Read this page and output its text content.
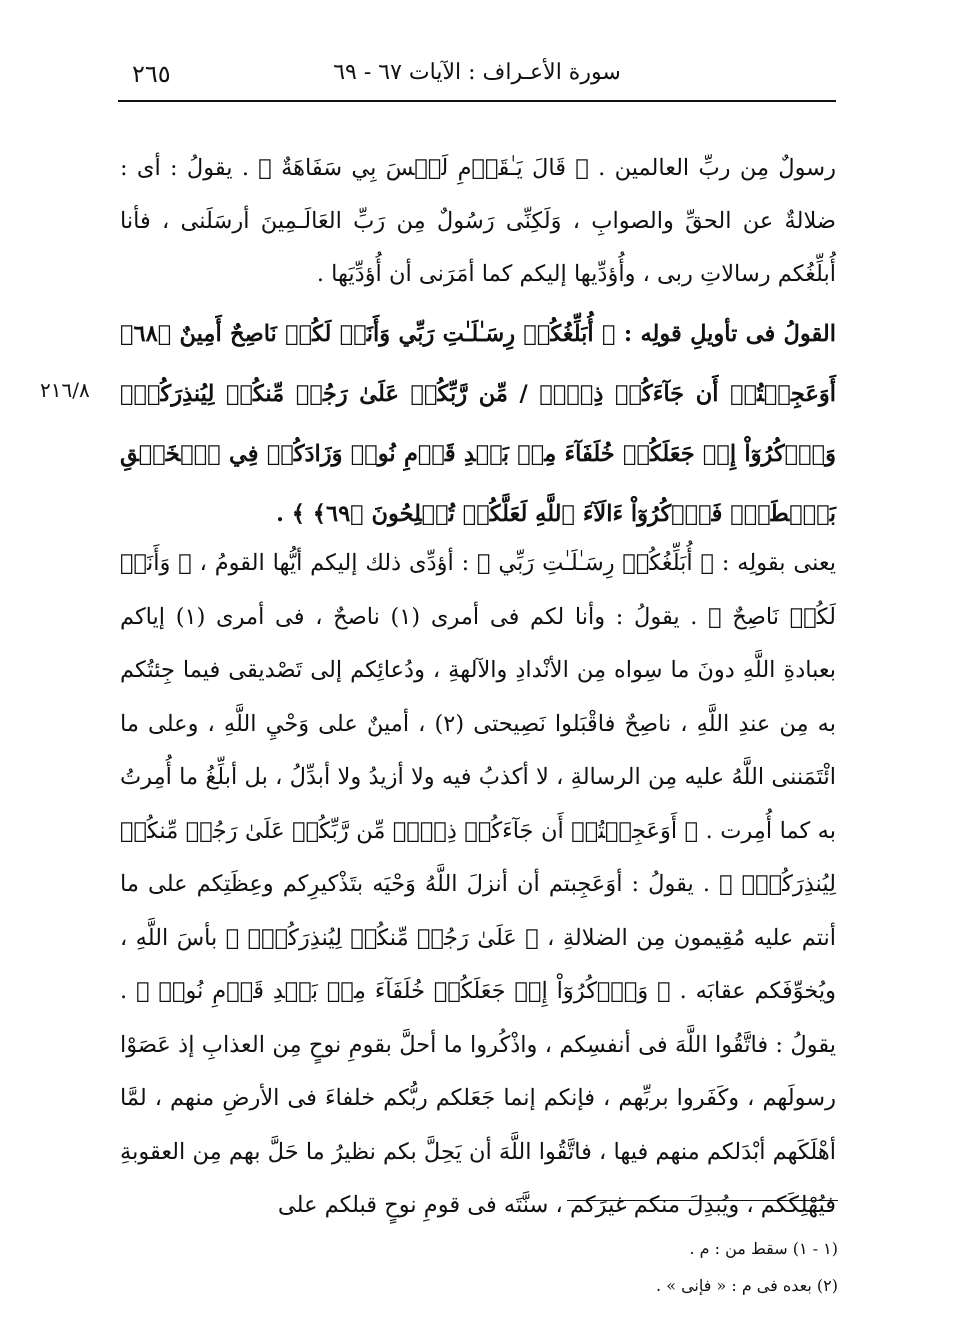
٢٦٥	سورة الأعـراف : الآيات ٦٧ - ٦٩
٢١٦/٨

رسولٌ مِن ربِّ العالمين . ﴿ قَالَ يَـٰقَوۡمِ لَيۡسَ بِي سَفَاهَةٌ ﴾ . يقولُ : أى : ضلالةٌ عن الحقِّ والصوابِ ، وَلَكِنِّى رَسُولٌ مِن رَبِّ العَالَـمِينَ أرسَلَنى ، فأنا أُبلِّغُكم رسالاتِ ربى ، وأُؤدِّيها إليكم كما أمَرَنى أن أُؤدِّيَها .

القولُ فى تأويلِ قولِه : ﴿ أُبَلِّغُكُمۡ رِسَـٰلَـٰتِ رَبِّي وَأَنَا۠ لَكُمۡ نَاصِحٌ أَمِينٌ ﴿٦٨﴾ أَوَعَجِبۡتُمۡ أَن جَآءَكُمۡ ذِكۡرٞ / مِّن رَّبِّكُمۡ عَلَىٰ رَجُلٖ مِّنكُمۡ لِيُنذِرَكُمۡۚ وَٱذۡكُرُوٓاْ إِذۡ جَعَلَكُمۡ خُلَفَآءَ مِنۢ بَعۡدِ قَوۡمِ نُوحٖ وَزَادَكُمۡ فِي ٱلۡخَلۡقِ بَصۜۡطَةٗۖ فَٱذۡكُرُوٓاْ ءَالَآءَ ٱللَّهِ لَعَلَّكُمۡ تُفۡلِحُونَ ﴿٦٩﴾ ﴾ .

يعنى بقولِه : ﴿ أُبَلِّغُكُمۡ رِسَـٰلَـٰتِ رَبِّي ﴾ : أؤدِّى ذلك إليكم أيُّها القومُ ، ﴿ وَأَنَا۠ لَكُمۡ نَاصِحٌ ﴾ . يقولُ : وأنا لكم فى أمرى (١) ناصحٌ ، فى أمرى (١) إياكم بعبادةِ اللَّهِ دونَ ما سِواه مِن الأنْدادِ والآلهةِ ، ودُعائِكم إلى تَصْديقى فيما جِئتُكم به مِن عندِ اللَّهِ ، ناصِحٌ فاقْبَلوا نَصِيحتى (٢) ، أمينٌ على وَحْيِ اللَّهِ ، وعلى ما ائْتَمَننى اللَّهُ عليه مِن الرسالةِ ، لا أكذبُ فيه ولا أزيدُ ولا أبدِّلُ ، بل أبلِّغُ ما أُمِرتُ به كما أُمِرت . ﴿ أَوَعَجِبۡتُمۡ أَن جَآءَكُمۡ ذِكۡرٞ مِّن رَّبِّكُمۡ عَلَىٰ رَجُلٖ مِّنكُمۡ لِيُنذِرَكُمۡۚ ﴾ . يقولُ : أوَعَجِبتم أن أنزلَ اللَّهُ وَحْيَه بتَذْكيرِكم وعِظَتِكم على ما أنتم عليه مُقِيمون مِن الضلالةِ ، ﴿ عَلَىٰ رَجُلٖ مِّنكُمۡ لِيُنذِرَكُمۡۚ ﴾ بأسَ اللَّهِ ، ويُخوِّفَكم عقابَه . ﴿ وَٱذۡكُرُوٓاْ إِذۡ جَعَلَكُمۡ خُلَفَآءَ مِنۢ بَعۡدِ قَوۡمِ نُوحٖ ﴾ . يقولُ : فاتَّقُوا اللَّهَ فى أنفسِكم ، واذْكُروا ما أحلَّ بقومِ نوحٍ مِن العذابِ إذ عَصَوْا رسولَهم ، وكَفَروا بربِّهم ، فإنكم إنما جَعَلكم ربُّكم خلفاءَ فى الأرضِ منهم ، لمَّا أهْلَكَهم أبْدَلكم منهم فيها ، فاتَّقُوا اللَّهَ أن يَحِلَّ بكم نظيرُ ما حَلَّ بهم مِن العقوبةِ فيُهْلِكَكم ، ويُبدِلَ منكم غيرَكم ، سنَّتَه فى قومِ نوحٍ قبلكم على

(١ - ١) سقط من : م .

(٢) بعده فى م : « فإنى » .
